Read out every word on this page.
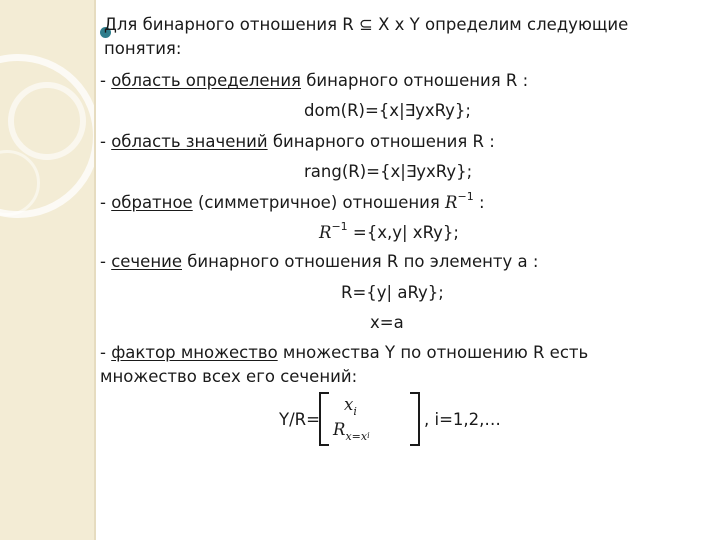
Для бинарного отношения R ⊆ X x Y определим следующие
понятия:
- область определения бинарного отношения R :
dom(R)={x|∃yxRy};
- область значений бинарного отношения R :
rang(R)={x|∃yxRy};
- обратное (симметричное) отношения $R^{-1}$ :
$R^{-1} =\{x,y|$ xRy};
- сечение бинарного отношения R по элементу a :
R={y| aRy};
x=a
- фактор множество множества Y по отношению R есть
множество всех его сечений:
Y/R=
$x_i$
$R_{x=x}i$
, i=1,2,…
